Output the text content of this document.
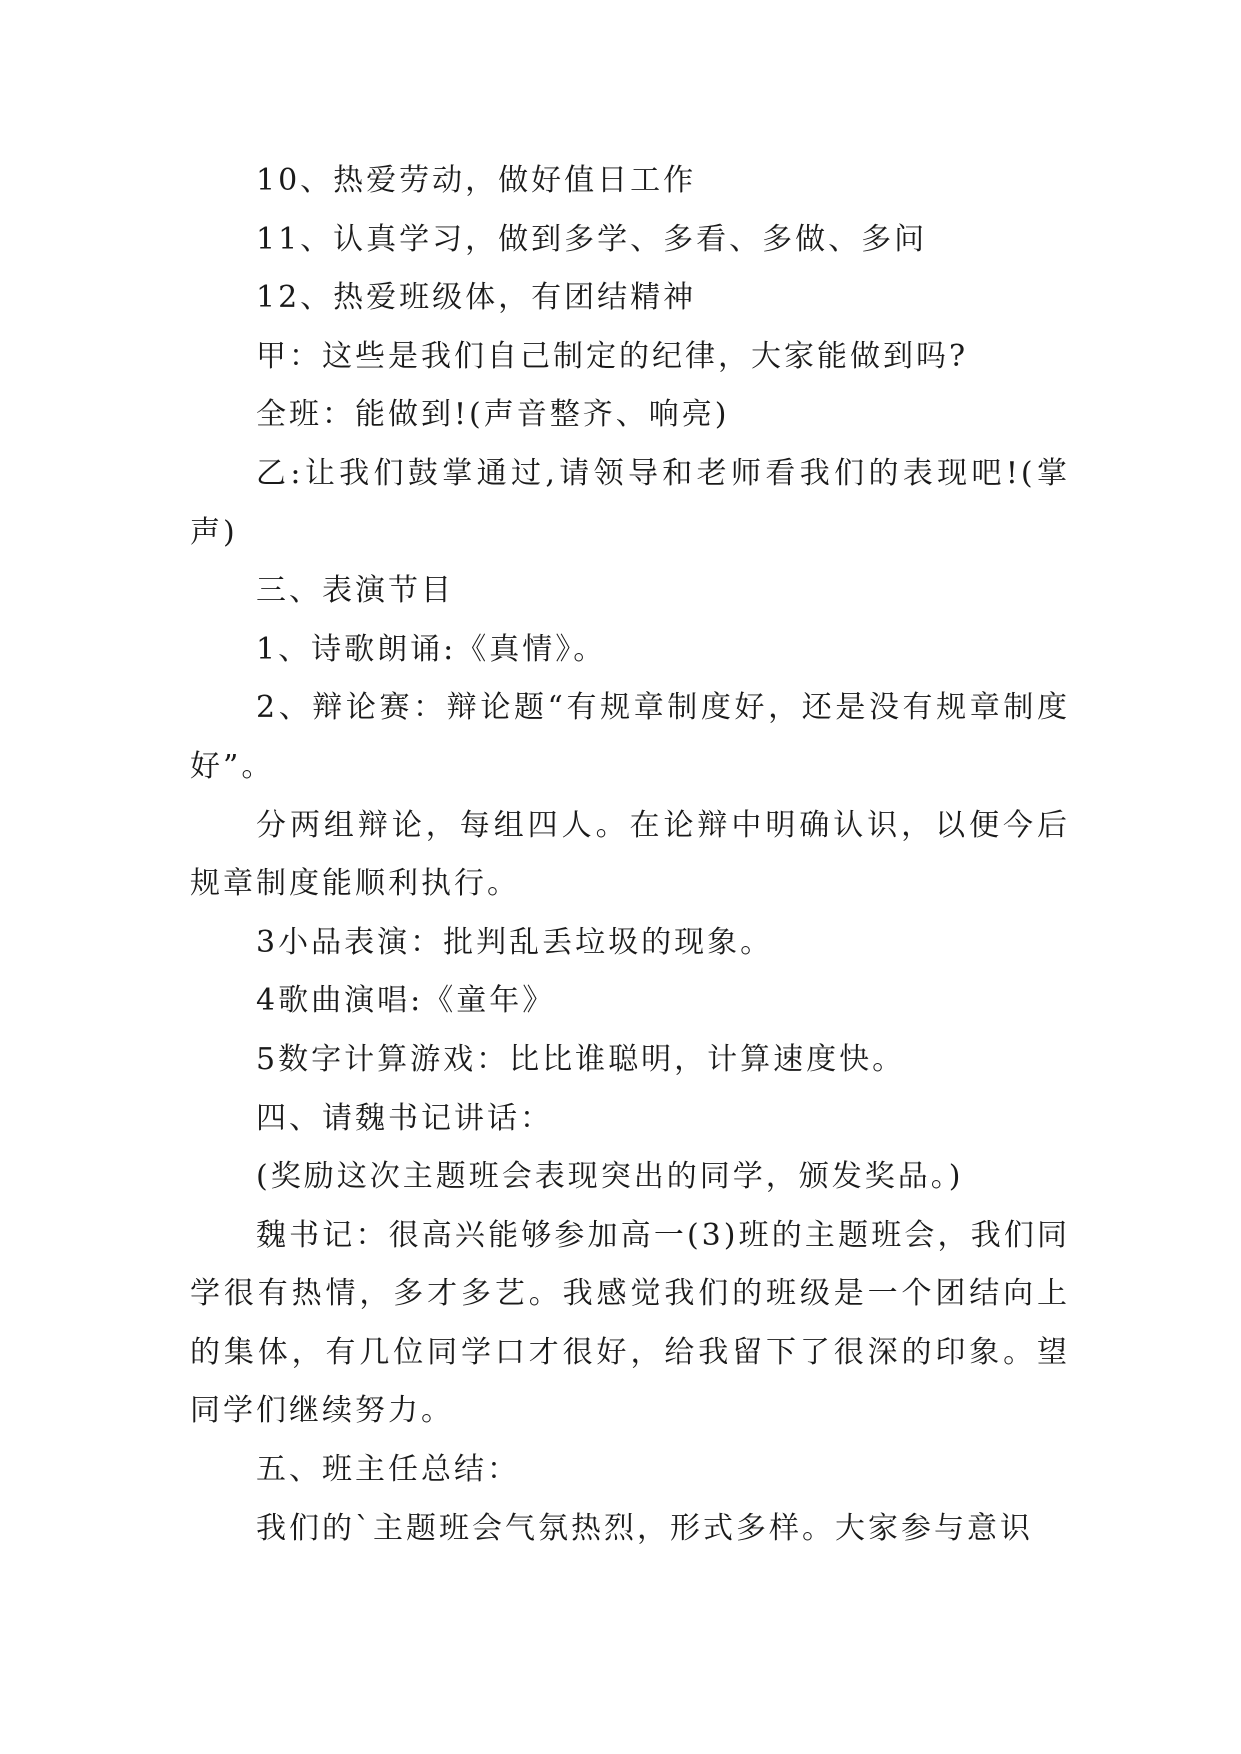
10、热爱劳动，做好值日工作

11、认真学习，做到多学、多看、多做、多问

12、热爱班级体，有团结精神

甲：这些是我们自己制定的纪律，大家能做到吗?

全班：能做到!(声音整齐、响亮)

乙:让我们鼓掌通过,请领导和老师看我们的表现吧!(掌声)

三、表演节目

1、诗歌朗诵:《真情》。

2、辩论赛：辩论题“有规章制度好，还是没有规章制度好”。

分两组辩论，每组四人。在论辩中明确认识，以便今后规章制度能顺利执行。

3小品表演：批判乱丢垃圾的现象。

4歌曲演唱:《童年》

5数字计算游戏：比比谁聪明，计算速度快。

四、请魏书记讲话：

(奖励这次主题班会表现突出的同学，颁发奖品。)

魏书记：很高兴能够参加高一(3)班的主题班会，我们同学很有热情，多才多艺。我感觉我们的班级是一个团结向上的集体，有几位同学口才很好，给我留下了很深的印象。望同学们继续努力。

五、班主任总结：

我们的`主题班会气氛热烈，形式多样。大家参与意识
